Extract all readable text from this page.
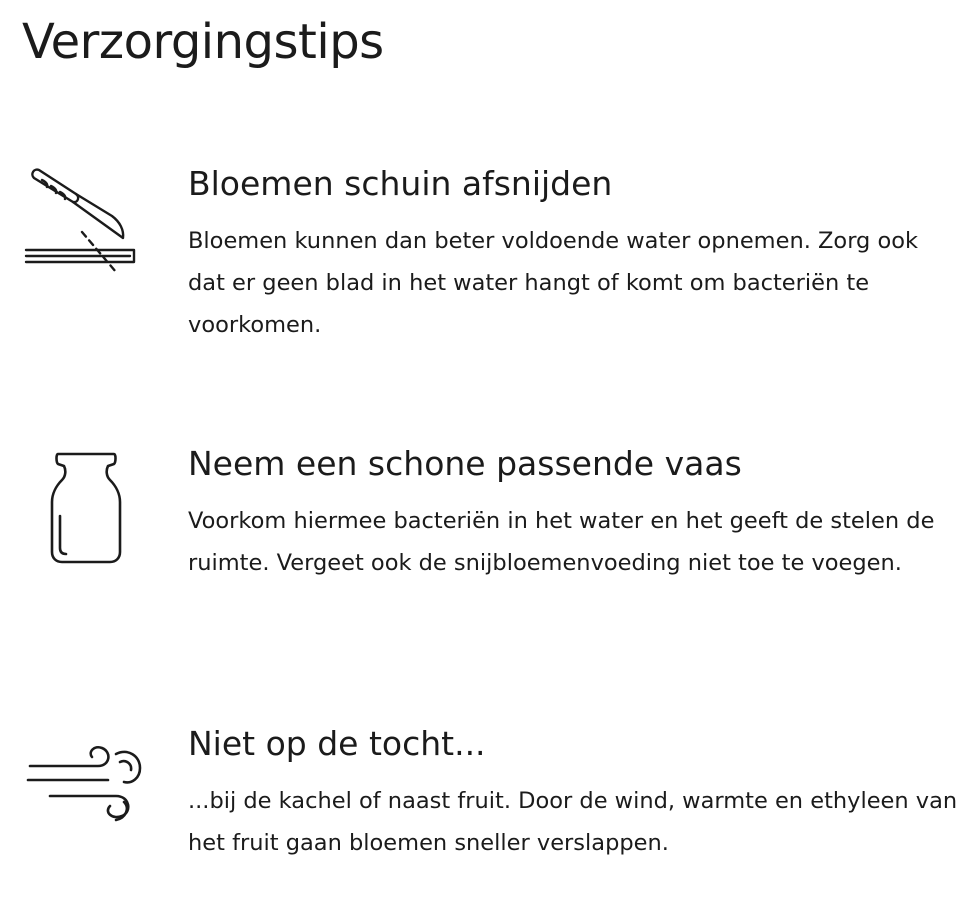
Verzorgingstips
Bloemen schuin afsnijden

Bloemen kunnen dan beter voldoende water opnemen. Zorg ook dat er geen blad in het water hangt of komt om bacteriën te voorkomen.

Neem een schone passende vaas

Voorkom hiermee bacteriën in het water en het geeft de stelen de ruimte. Vergeet ook de snijbloemenvoeding niet toe te voegen.

Niet op de tocht...

...bij de kachel of naast fruit. Door de wind, warmte en ethyleen van het fruit gaan bloemen sneller verslappen.
